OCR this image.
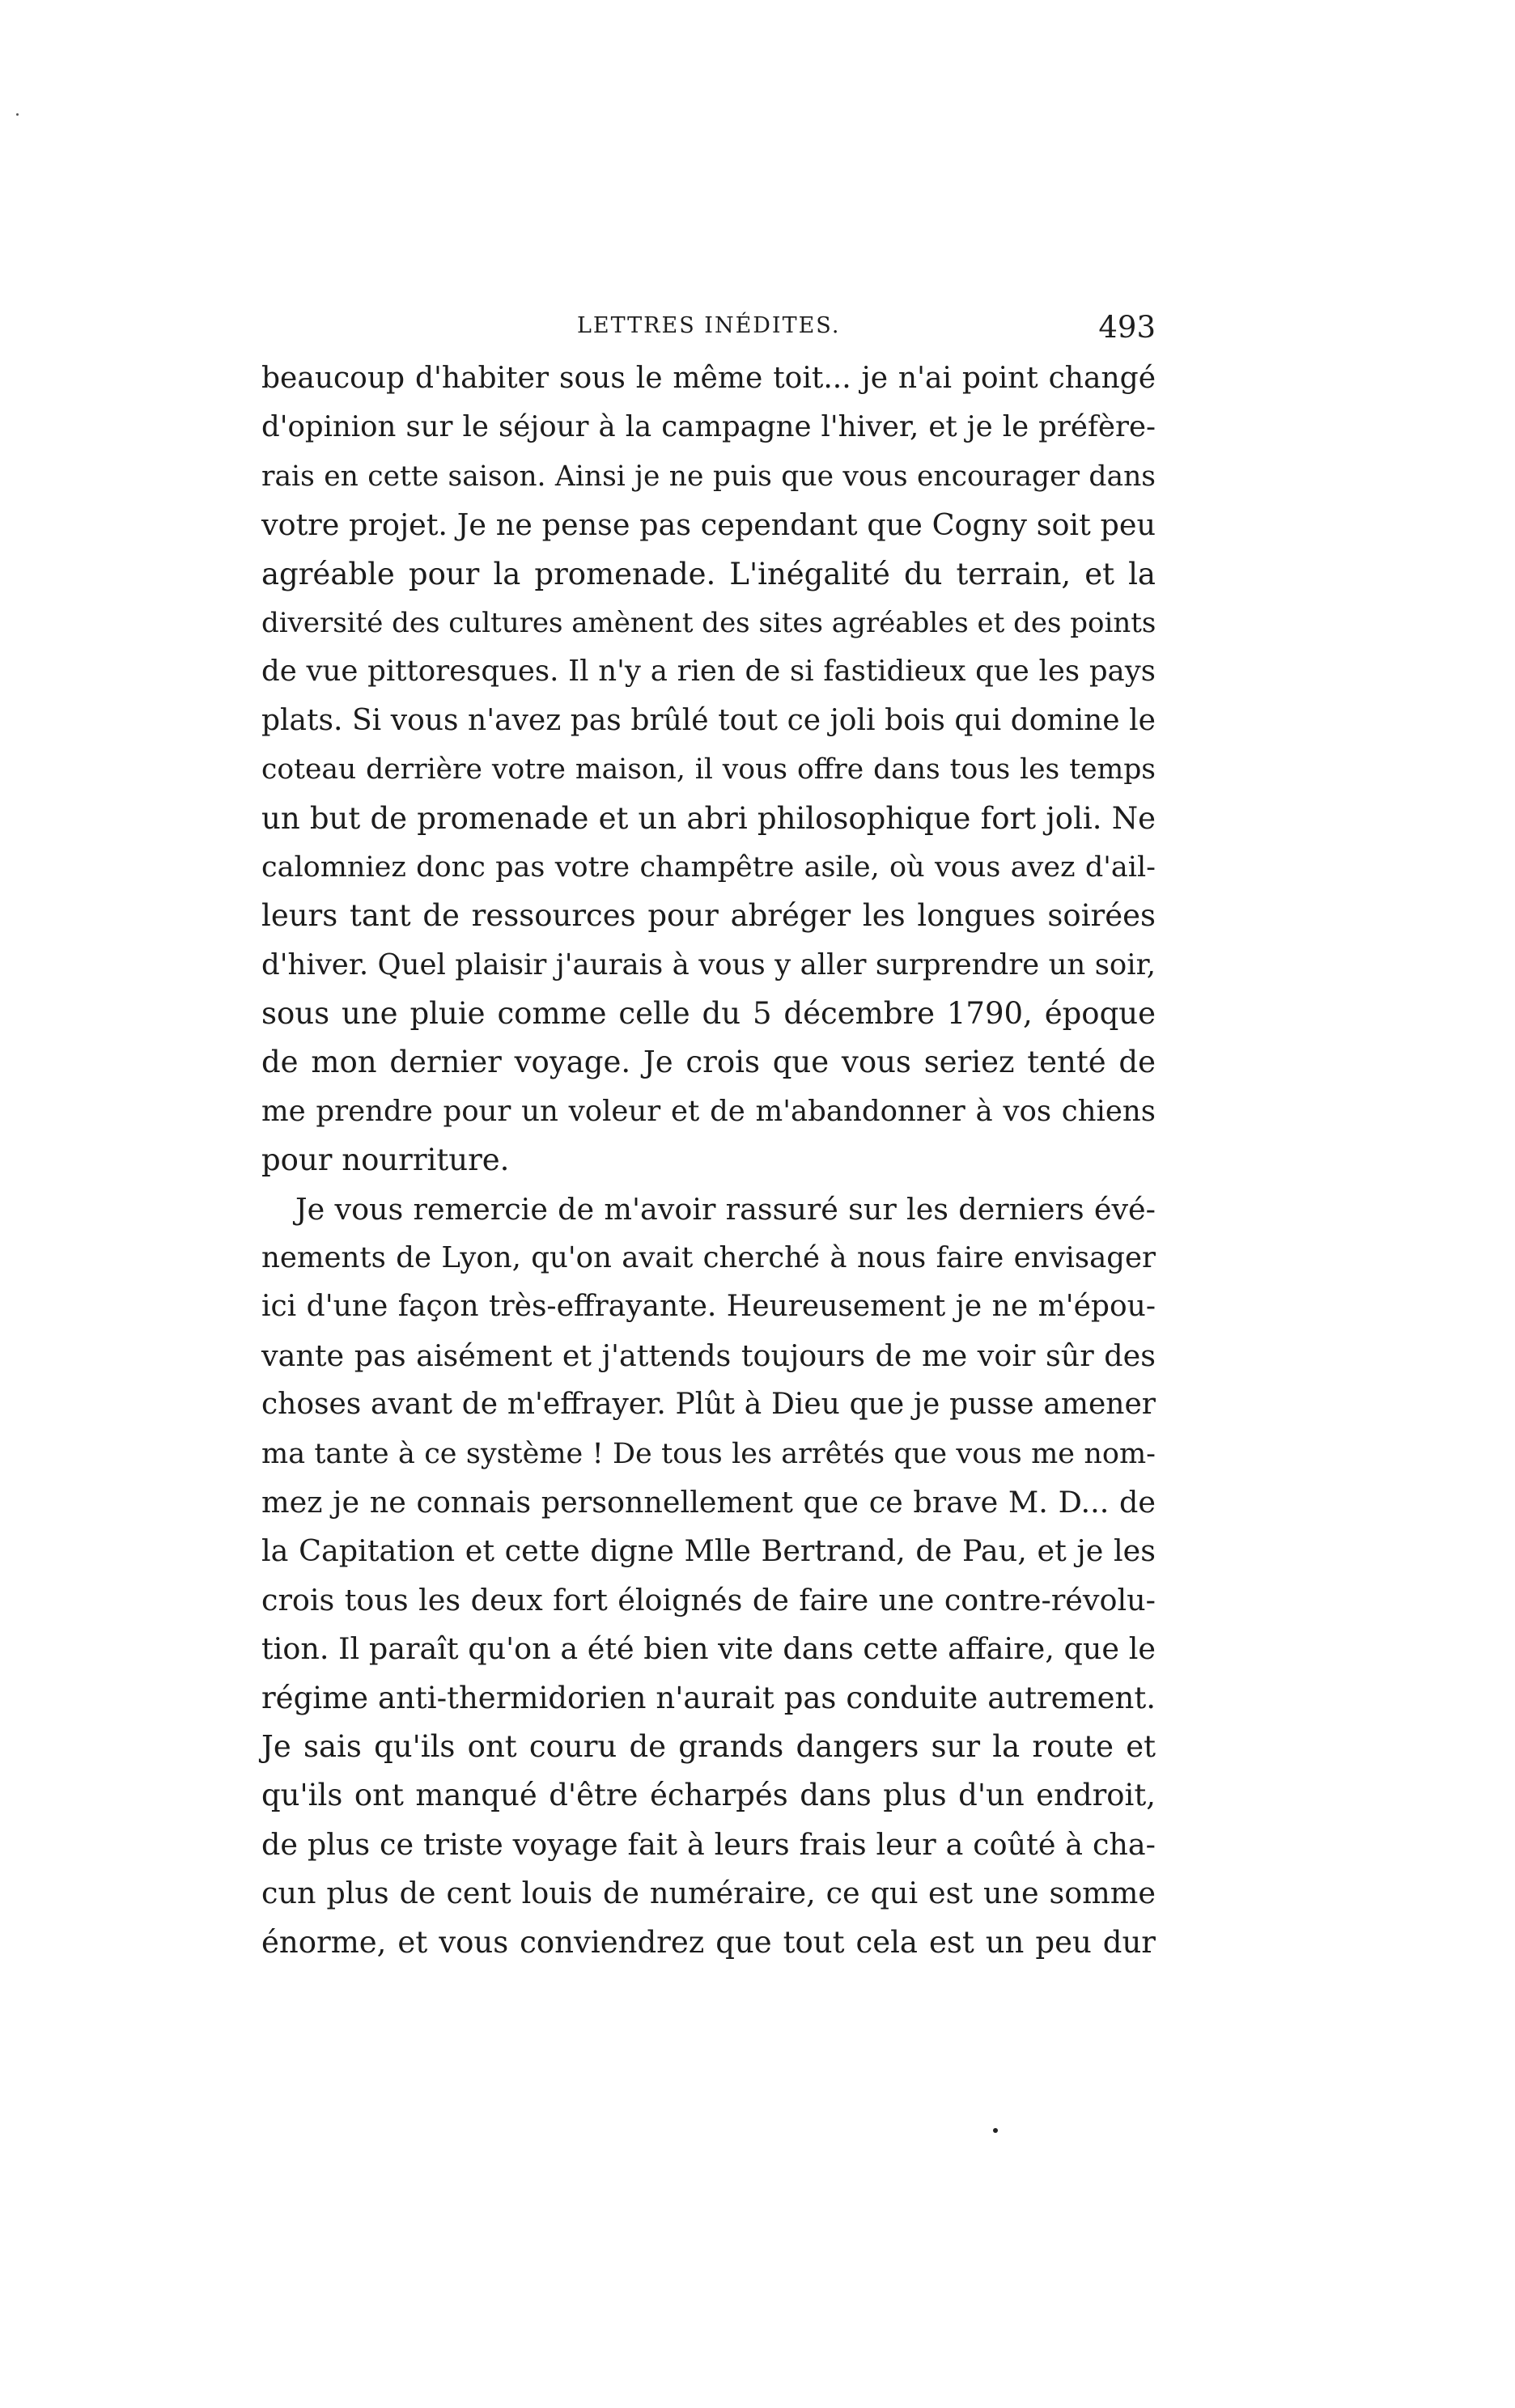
LETTRES INÉDITES.	493
beaucoup d'habiter sous le même toit... je n'ai point changé
d'opinion sur le séjour à la campagne l'hiver, et je le préfère-
rais en cette saison. Ainsi je ne puis que vous encourager dans
votre projet. Je ne pense pas cependant que Cogny soit peu
agréable pour la promenade. L'inégalité du terrain, et la
diversité des cultures amènent des sites agréables et des points
de vue pittoresques. Il n'y a rien de si fastidieux que les pays
plats. Si vous n'avez pas brûlé tout ce joli bois qui domine le
coteau derrière votre maison, il vous offre dans tous les temps
un but de promenade et un abri philosophique fort joli. Ne
calomniez donc pas votre champêtre asile, où vous avez d'ail-
leurs tant de ressources pour abréger les longues soirées
d'hiver. Quel plaisir j'aurais à vous y aller surprendre un soir,
sous une pluie comme celle du 5 décembre 1790, époque
de mon dernier voyage. Je crois que vous seriez tenté de
me prendre pour un voleur et de m'abandonner à vos chiens
pour nourriture.
Je vous remercie de m'avoir rassuré sur les derniers évé-
nements de Lyon, qu'on avait cherché à nous faire envisager
ici d'une façon très-effrayante. Heureusement je ne m'épou-
vante pas aisément et j'attends toujours de me voir sûr des
choses avant de m'effrayer. Plût à Dieu que je pusse amener
ma tante à ce système ! De tous les arrêtés que vous me nom-
mez je ne connais personnellement que ce brave M. D... de
la Capitation et cette digne Mlle Bertrand, de Pau, et je les
crois tous les deux fort éloignés de faire une contre-révolu-
tion. Il paraît qu'on a été bien vite dans cette affaire, que le
régime anti-thermidorien n'aurait pas conduite autrement.
Je sais qu'ils ont couru de grands dangers sur la route et
qu'ils ont manqué d'être écharpés dans plus d'un endroit,
de plus ce triste voyage fait à leurs frais leur a coûté à cha-
cun plus de cent louis de numéraire, ce qui est une somme
énorme, et vous conviendrez que tout cela est un peu dur
